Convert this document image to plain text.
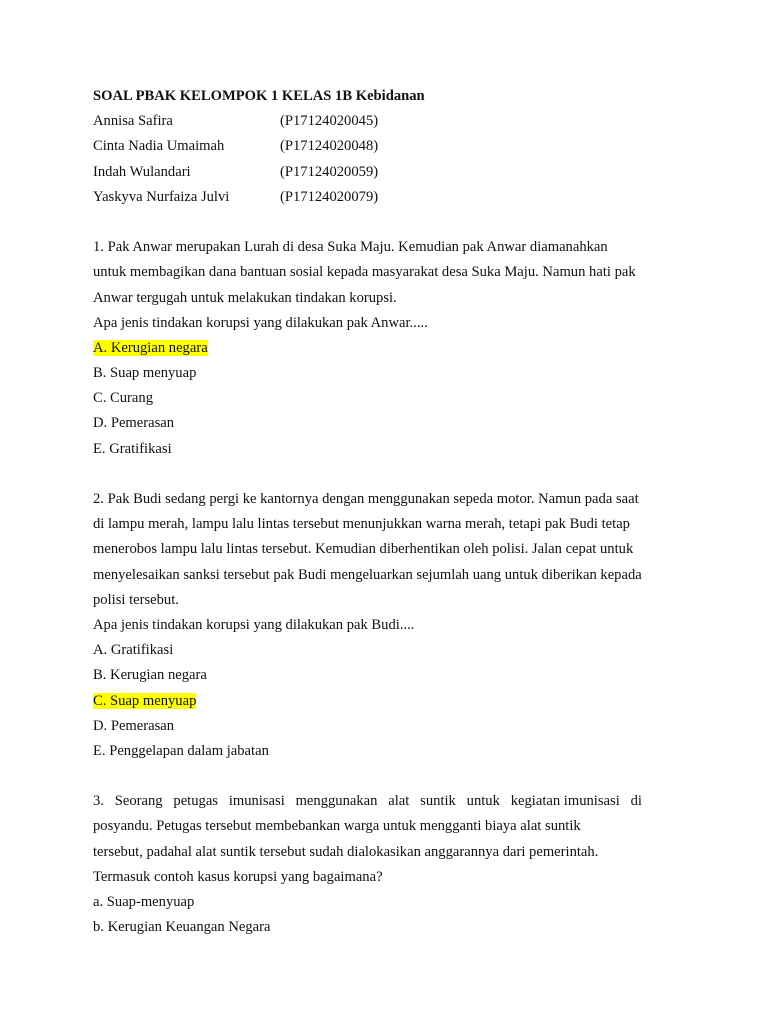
SOAL PBAK KELOMPOK 1 KELAS 1B Kebidanan
Annisa Safira	(P17124020045)
Cinta Nadia Umaimah	(P17124020048)
Indah Wulandari	(P17124020059)
Yaskyva Nurfaiza Julvi	(P17124020079)
1. Pak Anwar merupakan Lurah di desa Suka Maju. Kemudian pak Anwar diamanahkan
untuk membagikan dana bantuan sosial kepada masyarakat desa Suka Maju. Namun hati pak
Anwar tergugah untuk melakukan tindakan korupsi.
Apa jenis tindakan korupsi yang dilakukan pak Anwar.....
A. Kerugian negara
B. Suap menyuap
C. Curang
D. Pemerasan
E. Gratifikasi
2. Pak Budi sedang pergi ke kantornya dengan menggunakan sepeda motor. Namun pada saat
di lampu merah, lampu lalu lintas tersebut menunjukkan warna merah, tetapi pak Budi tetap
menerobos lampu lalu lintas tersebut. Kemudian diberhentikan oleh polisi. Jalan cepat untuk
menyelesaikan sanksi tersebut pak Budi mengeluarkan sejumlah uang untuk diberikan kepada
polisi tersebut.
Apa jenis tindakan korupsi yang dilakukan pak Budi....
A. Gratifikasi
B. Kerugian negara
C. Suap menyuap
D. Pemerasan
E. Penggelapan dalam jabatan
3. Seorang petugas imunisasi menggunakan alat suntik untuk kegiatan imunisasi di
posyandu. Petugas tersebut membebankan warga untuk mengganti biaya alat suntik
tersebut, padahal alat suntik tersebut sudah dialokasikan anggarannya dari pemerintah.
Termasuk contoh kasus korupsi yang bagaimana?
a. Suap-menyuap
b. Kerugian Keuangan Negara
